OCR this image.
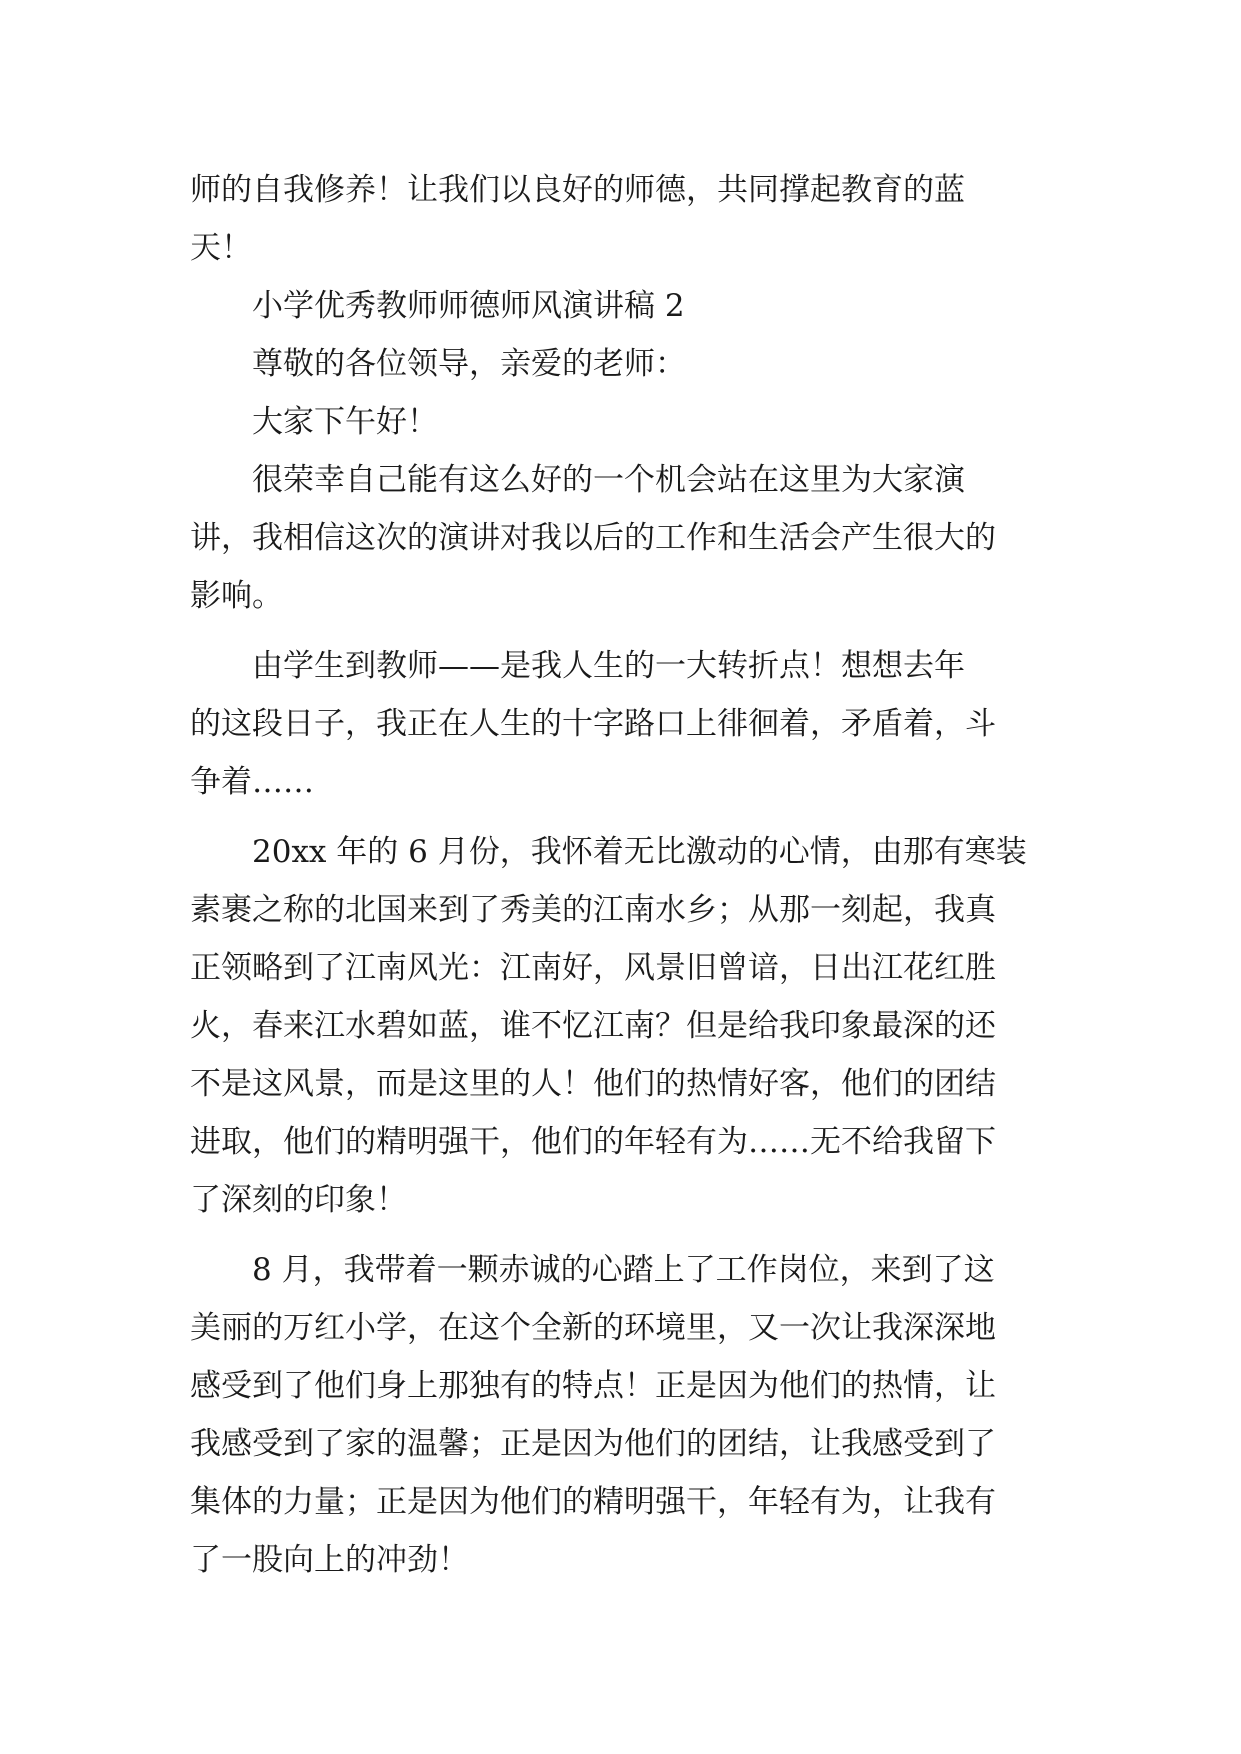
师的自我修养！让我们以良好的师德，共同撑起教育的蓝
天！
小学优秀教师师德师风演讲稿 2
尊敬的各位领导，亲爱的老师：
大家下午好！
很荣幸自己能有这么好的一个机会站在这里为大家演
讲，我相信这次的演讲对我以后的工作和生活会产生很大的
影响。
由学生到教师——是我人生的一大转折点！想想去年
的这段日子，我正在人生的十字路口上徘徊着，矛盾着，斗
争着……
20xx 年的 6 月份，我怀着无比激动的心情，由那有寒装
素裹之称的北国来到了秀美的江南水乡；从那一刻起，我真
正领略到了江南风光：江南好，风景旧曾谙，日出江花红胜
火，春来江水碧如蓝，谁不忆江南？但是给我印象最深的还
不是这风景，而是这里的人！他们的热情好客，他们的团结
进取，他们的精明强干，他们的年轻有为……无不给我留下
了深刻的印象！
8 月，我带着一颗赤诚的心踏上了工作岗位，来到了这
美丽的万红小学，在这个全新的环境里，又一次让我深深地
感受到了他们身上那独有的特点！正是因为他们的热情，让
我感受到了家的温馨；正是因为他们的团结，让我感受到了
集体的力量；正是因为他们的精明强干，年轻有为，让我有
了一股向上的冲劲！
